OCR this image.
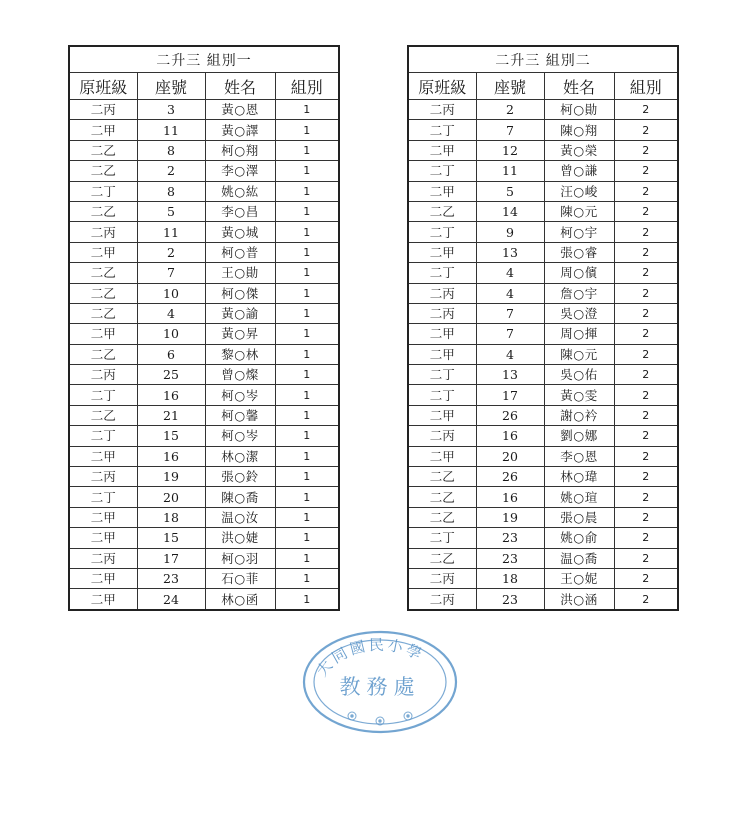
二升三 組別一			
原班級	座號	姓名	組別
二丙	3	黃○恩	1
二甲	11	黃○譯	1
二乙	8	柯○翔	1
二乙	2	李○澤	1
二丁	8	姚○紘	1
二乙	5	李○昌	1
二丙	11	黃○城	1
二甲	2	柯○普	1
二乙	7	王○勛	1
二乙	10	柯○傑	1
二乙	4	黃○諭	1
二甲	10	黃○昇	1
二乙	6	黎○林	1
二丙	25	曾○燦	1
二丁	16	柯○岑	1
二乙	21	柯○馨	1
二丁	15	柯○岑	1
二甲	16	林○潔	1
二丙	19	張○鈴	1
二丁	20	陳○喬	1
二甲	18	温○汝	1
二甲	15	洪○婕	1
二丙	17	柯○羽	1
二甲	23	石○菲	1
二甲	24	林○函	1
二升三 組別二			
原班級	座號	姓名	組別
二丙	2	柯○勛	2
二丁	7	陳○翔	2
二甲	12	黃○榮	2
二丁	11	曾○謙	2
二甲	5	汪○峻	2
二乙	14	陳○元	2
二丁	9	柯○宇	2
二甲	13	張○睿	2
二丁	4	周○儐	2
二丙	4	詹○宇	2
二丙	7	吳○澄	2
二甲	7	周○揮	2
二甲	4	陳○元	2
二丁	13	吳○佑	2
二丁	17	黃○雯	2
二甲	26	謝○衿	2
二丙	16	劉○娜	2
二甲	20	李○恩	2
二乙	26	林○瑋	2
二乙	16	姚○瑄	2
二乙	19	張○晨	2
二丁	23	姚○俞	2
二乙	23	温○喬	2
二丙	18	王○妮	2
二丙	23	洪○涵	2
大同國民小學
教務處
